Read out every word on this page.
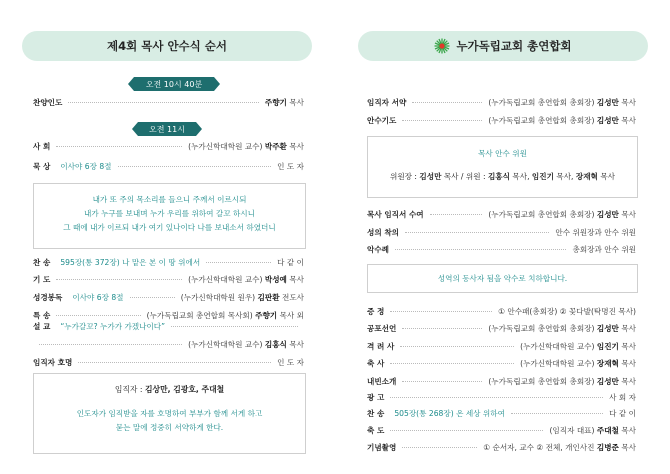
제4회 목사 안수식 순서
오전 10시 40분
찬양인도	주향기 목사
오전 11시
사 회	(누가신학대학원 교수) 박주환 목사
묵 상 이사야 6장 8절	인 도 자
내가 또 주의 목소리를 들으니 주께서 이르시되
내가 누구를 보내며 누가 우리를 위하여 갈꼬 하시니
그 때에 내가 이르되 내가 여기 있나이다 나를 보내소서 하였더니
찬 송 595장(통 372장) 나 맡은 본 이 땅 위에서	다 같 이
기 도	(누가신학대학원 교수) 박성예 목사
성경봉독 이사야 6장 8절	(누가신학대학원 원우) 김판환 전도사
특 송	(누가독립교회 총연합회 목사회) 주향기 목사 외
설 교 “누가갈꼬? 누가가 가겠나이다”
(누가신학대학원 교수) 김홍식 목사
임직자 호명	인 도 자
임직자 : 김상만, 김광호, 주대철
인도자가 임직받을 자를 호명하여 부부가 함께 서게 하고
묻는 말에 정중히 서약하게 한다.
누가독립교회 총연합회
임직자 서약	(누가독립교회 총연합회 총회장) 김성만 목사
안수기도	(누가독립교회 총연합회 총회장) 김성만 목사
목사 안수 위원
위원장 : 김성만 목사 / 위원 : 김홍식 목사, 임진기 목사, 장재혁 목사
목사 임직서 수여	(누가독립교회 총연합회 총회장) 김성만 목사
성의 착의	안수 위원장과 안수 위원
악수례	총회장과 안수 위원
성역의 동사자 됨을 악수로 치하합니다.
증 정	① 안수패(총회장) ② 꽃다발(탁명진 목사)
공포선언	(누가독립교회 총연합회 총회장) 김성만 목사
격 려 사	(누가신학대학원 교수) 임진기 목사
축 사	(누가신학대학원 교수) 장재혁 목사
내빈소개	(누가독립교회 총연합회 총회장) 김성만 목사
광 고	사 회 자
찬 송 505장(통 268장) 온 세상 위하여	다 같 이
축 도	(임직자 대표) 주대철 목사
기념촬영	① 순서자, 교수 ② 전체, 개인사진 김병준 목사
